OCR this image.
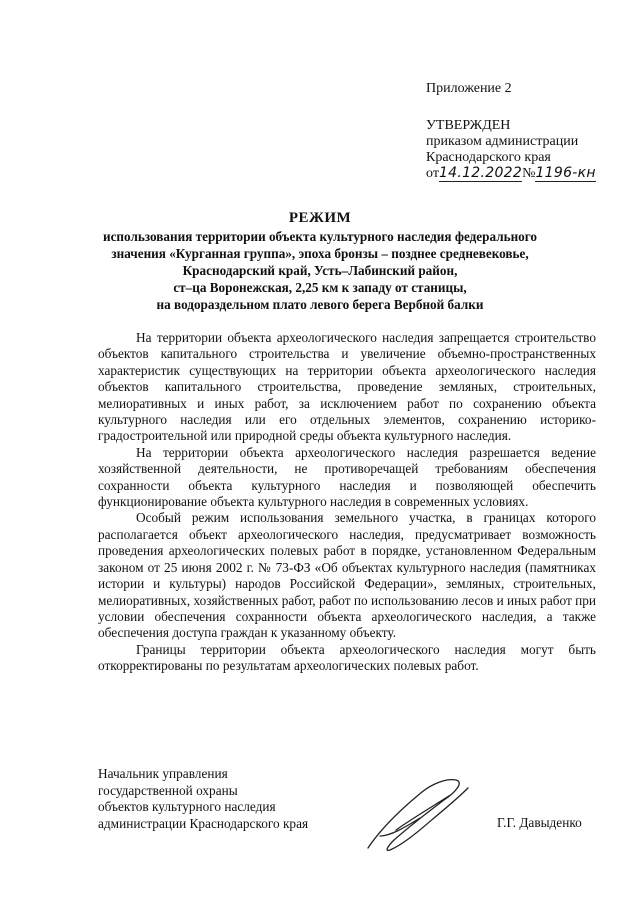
Приложение 2
УТВЕРЖДЕН
приказом администрации
Краснодарского края
от14.12.2022№1196-кн
РЕЖИМ
использования территории объекта культурного наследия федерального
значения «Курганная группа», эпоха бронзы – позднее средневековье,
Краснодарский край, Усть–Лабинский район,
ст–ца Воронежская, 2,25 км к западу от станицы,
на водораздельном плато левого берега Вербной балки

На территории объекта археологического наследия запрещается строительство объектов капитального строительства и увеличение объемно-пространственных характеристик существующих на территории объекта археологического наследия объектов капитального строительства, проведение земляных, строительных, мелиоративных и иных работ, за исключением работ по сохранению объекта культурного наследия или его отдельных элементов, сохранению историко-градостроительной или природной среды объекта культурного наследия.

На территории объекта археологического наследия разрешается ведение хозяйственной деятельности, не противоречащей требованиям обеспечения сохранности объекта культурного наследия и позволяющей обеспечить функционирование объекта культурного наследия в современных условиях.

Особый режим использования земельного участка, в границах которого располагается объект археологического наследия, предусматривает возможность проведения археологических полевых работ в порядке, установленном Федеральным законом от 25 июня 2002 г. № 73-ФЗ «Об объектах культурного наследия (памятниках истории и культуры) народов Российской Федерации», земляных, строительных, мелиоративных, хозяйственных работ, работ по использованию лесов и иных работ при условии обеспечения сохранности объекта археологического наследия, а также обеспечения доступа граждан к указанному объекту.

Границы территории объекта археологического наследия могут быть откорректированы по результатам археологических полевых работ.

Начальник управления
государственной охраны
объектов культурного наследия
администрации Краснодарского края	Г.Г. Давыденко
